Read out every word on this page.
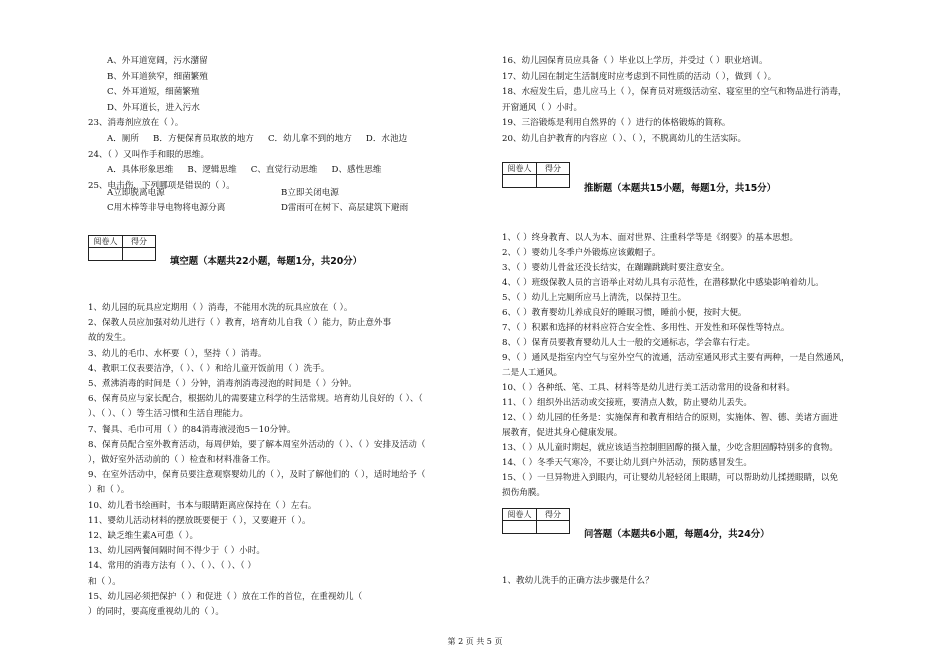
A、外耳道宽阔，污水潴留
B、外耳道狭窄，细菌繁殖
C、外耳道短，细菌繁殖
D、外耳道长，进入污水
23、消毒剂应放在（ ）。
A．厕所 　 B．方便保育员取放的地方 　 C．幼儿拿不到的地方 　 D．水池边
24、（ ）又叫作手和眼的思维。
A．具体形象思维 　 B、逻辑思维 　 C、直觉行动思维 　 D、感性思维
25、电击伤，下列哪项是错误的（ ）。
A立即脱离电源	B立即关闭电源
C用木棒等非导电物将电源分离	D雷雨可在树下、高层建筑下避雨
阅卷人	得分
填空题（本题共22小题，每题1分，共20分）
1、幼儿园的玩具应定期用（ ）消毒，不能用水洗的玩具应放在（ ）。
2、保教人员应加强对幼儿进行（ ）教育，培育幼儿自我（ ）能力，防止意外事
故的发生。
3、幼儿的毛巾、水杯要（ ），坚持（ ）消毒。
4、教职工仪表要洁净，（ ）、（ ）和给儿童开饭前用（ ）洗手。
5、煮沸消毒的时间是（ ）分钟，消毒剂消毒浸泡的时间是（ ）分钟。
6、保育员应与家长配合，根据幼儿的需要建立科学的生活常规。培育幼儿良好的（ ）、（
）、（ ）、（ ）等生活习惯和生活自理能力。
7、餐具、毛巾可用（ ）的84消毒液浸泡5－10分钟。
8、保育员配合室外教育活动，每周伊始，要了解本周室外活动的（ ）、（ ）安排及活动（
），做好室外活动前的（ ）检查和材料准备工作。
9、在室外活动中，保育员要注意观察婴幼儿的（ ），及时了解他们的（ ），适时地给予（
）和（ ）。
10、幼儿看书绘画时，书本与眼睛距离应保持在（ ）左右。
11、婴幼儿活动材料的摆放既要便于（ ），又要避开（ ）。
12、缺乏维生素A可患（ ）。
13、幼儿园两餐间隔时间不得少于（ ）小时。
14、常用的消毒方法有（ ）、（ ）、（ ）、（ ）
和（ ）。
15、幼儿园必须把保护（ ）和促进（ ）放在工作的首位，在重视幼儿（
）的同时，要高度重视幼儿的（ ）。
16、幼儿园保育员应具备（ ）毕业以上学历，并受过（ ）职业培训。
17、幼儿园在制定生活制度时应考虑到不同性质的活动（ ），做到（ ）。
18、水痘发生后，患儿应马上（ ），保育员对班级活动室、寝室里的空气和物品进行消毒，
开窗通风（ ）小时。
19、三浴锻炼是利用自然界的（ ）进行的体格锻炼的简称。
20、幼儿自护教育的内容应（ ）、（ ），不脱离幼儿的生活实际。
阅卷人	得分
推断题（本题共15小题，每题1分，共15分）
1、（ ）终身教育、以人为本、面对世界、注重科学等是《纲要》的基本思想。
2、（ ）婴幼儿冬季户外锻炼应该戴帽子。
3、（ ）婴幼儿骨盆还没长结实，在蹦蹦跳跳时要注意安全。
4、（ ）班级保教人员的言语举止对幼儿具有示范性，在潜移默化中感染影响着幼儿。
5、（ ）幼儿上完厕所应马上清洗，以保持卫生。
6、（ ）教育婴幼儿养成良好的睡眠习惯，睡前小便，按时大便。
7、（ ）积累和选择的材料应符合安全性、多用性、开发性和环保性等特点。
8、（ ）保育员要教育婴幼儿人士一般的交通标志，学会靠右行走。
9、（ ）通风是指室内空气与室外空气的流通，活动室通风形式主要有两种，一是自然通风，
二是人工通风。
10、（ ）各种纸、笔、工具、材料等是幼儿进行美工活动常用的设备和材料。
11、（ ）组织外出活动或交接班，要清点人数，防止婴幼儿丢失。
12、（ ）幼儿园的任务是：实施保育和教育相结合的原则，实施体、智、德、美诸方面进
展教育，促进其身心健康发展。
13、（ ）从儿童时期起，就应该适当控制胆固醇的摄入量，少吃含胆固醇特别多的食物。
14、（ ）冬季天气寒冷，不要让幼儿到户外活动，预防感冒发生。
15、（ ）一旦异物进入到眼内，可让婴幼儿轻轻闭上眼睛，可以帮助幼儿揉搓眼睛，以免
损伤角膜。
阅卷人	得分
问答题（本题共6小题，每题4分，共24分）
1、教幼儿洗手的正确方法步骤是什么？
第 2 页 共 5 页
